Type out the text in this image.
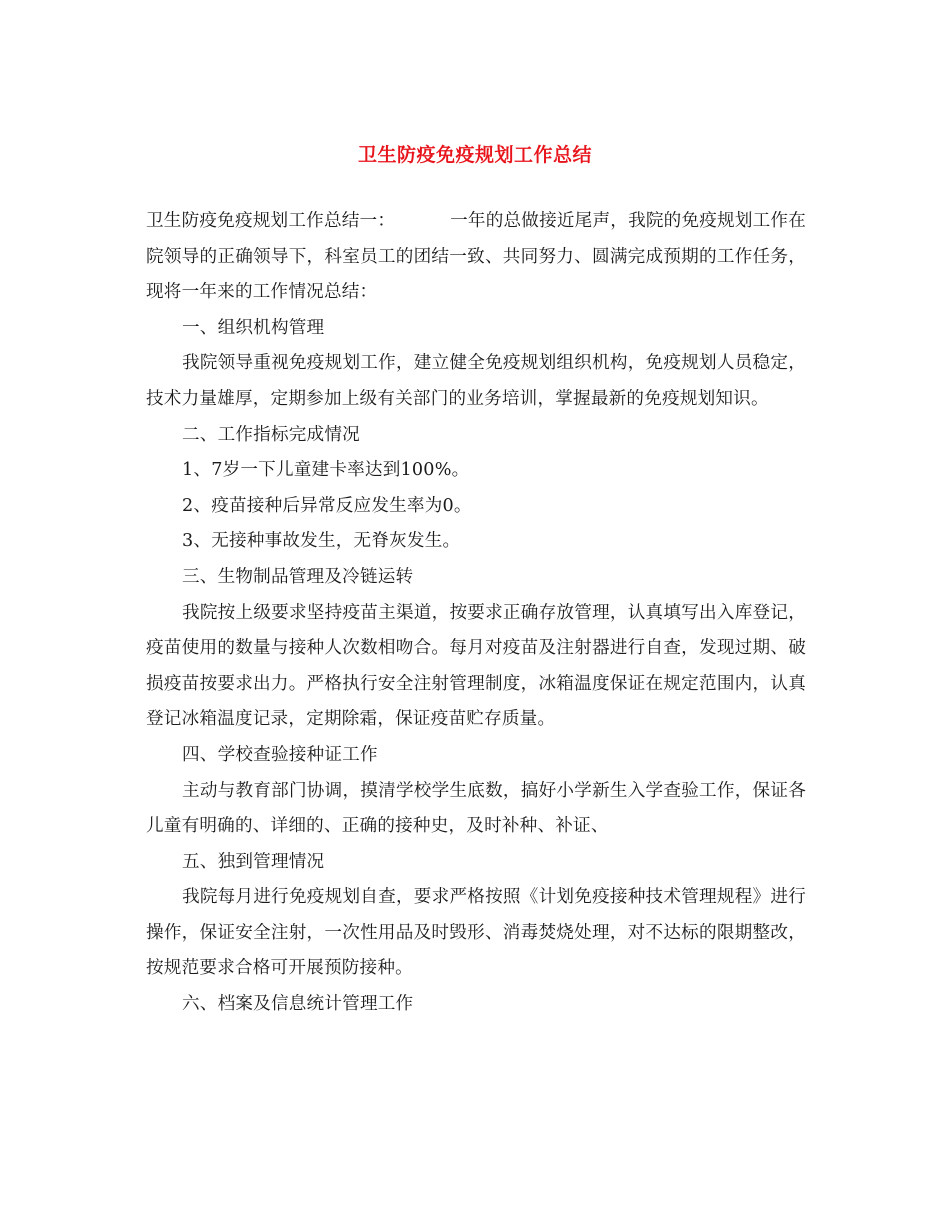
卫生防疫免疫规划工作总结

卫生防疫免疫规划工作总结一：	一年的总做接近尾声，我院的免疫规划工作在院领导的正确领导下，科室员工的团结一致、共同努力、圆满完成预期的工作任务，现将一年来的工作情况总结：

一、组织机构管理

我院领导重视免疫规划工作，建立健全免疫规划组织机构，免疫规划人员稳定，技术力量雄厚，定期参加上级有关部门的业务培训，掌握最新的免疫规划知识。

二、工作指标完成情况

1、7岁一下儿童建卡率达到100%。

2、疫苗接种后异常反应发生率为0。

3、无接种事故发生，无脊灰发生。

三、生物制品管理及冷链运转

我院按上级要求坚持疫苗主渠道，按要求正确存放管理，认真填写出入库登记，疫苗使用的数量与接种人次数相吻合。每月对疫苗及注射器进行自查，发现过期、破损疫苗按要求出力。严格执行安全注射管理制度，冰箱温度保证在规定范围内，认真登记冰箱温度记录，定期除霜，保证疫苗贮存质量。

四、学校查验接种证工作

主动与教育部门协调，摸清学校学生底数，搞好小学新生入学查验工作，保证各儿童有明确的、详细的、正确的接种史，及时补种、补证、

五、独到管理情况

我院每月进行免疫规划自查，要求严格按照《计划免疫接种技术管理规程》进行操作，保证安全注射，一次性用品及时毁形、消毒焚烧处理，对不达标的限期整改，按规范要求合格可开展预防接种。

六、档案及信息统计管理工作
